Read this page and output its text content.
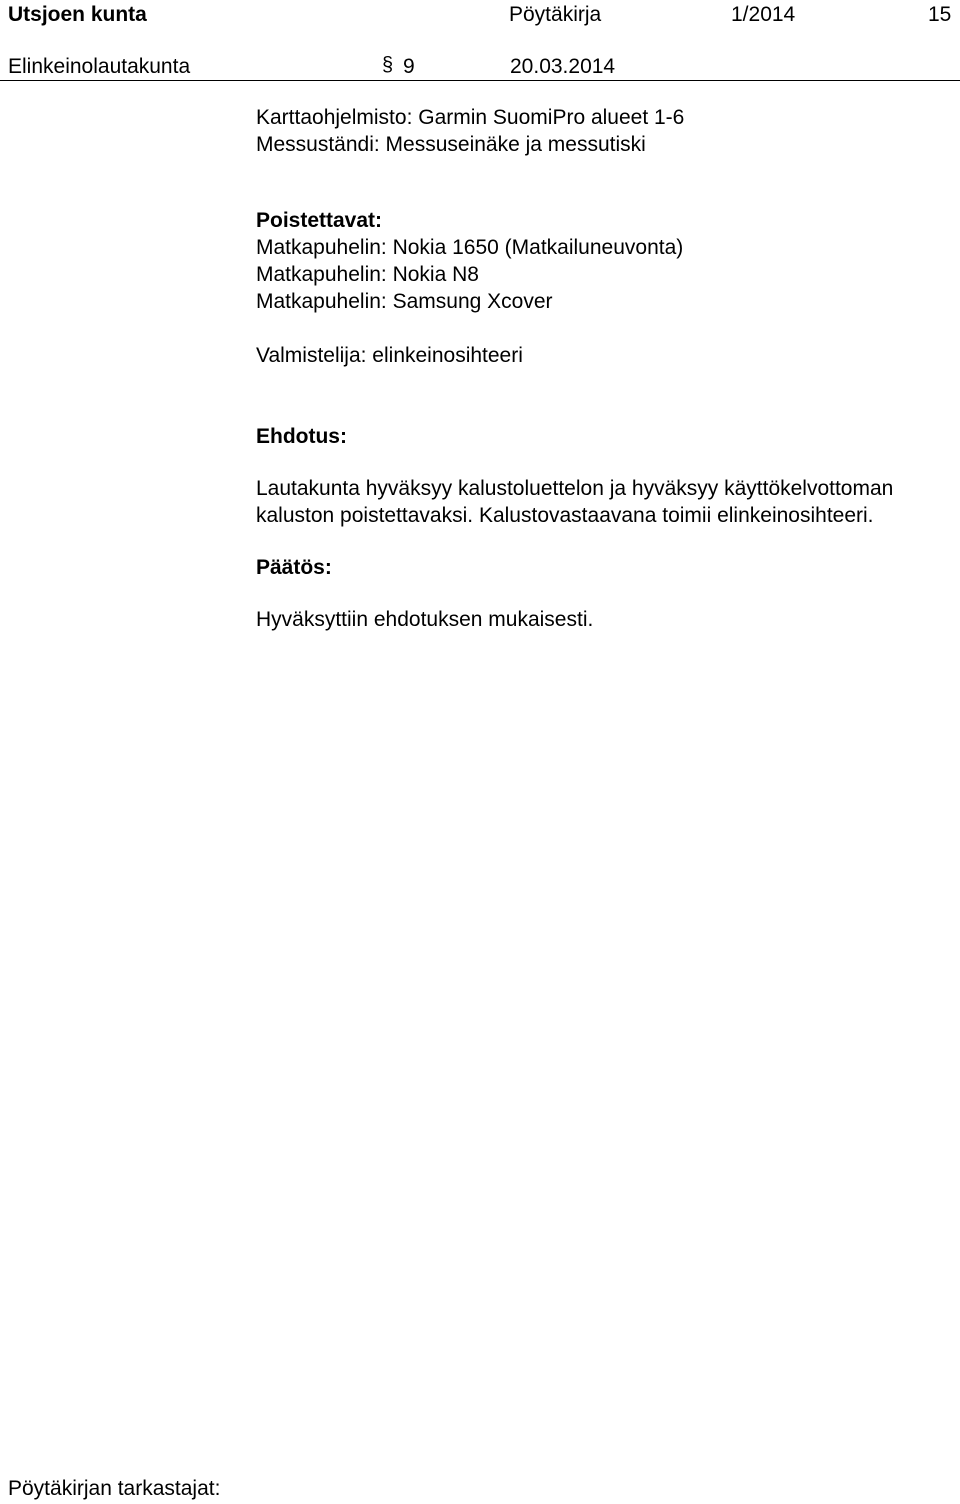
Utsjoen kunta	Pöytäkirja	1/2014	15
Elinkeinolautakunta	§ 9	20.03.2014
Karttaohjelmisto: Garmin SuomiPro alueet 1-6
Messuständi: Messuseinäke ja messutiski
Poistettavat:
Matkapuhelin: Nokia 1650 (Matkailuneuvonta)
Matkapuhelin: Nokia N8
Matkapuhelin: Samsung Xcover
Valmistelija: elinkeinosihteeri
Ehdotus:
Lautakunta hyväksyy kalustoluettelon ja hyväksyy käyttökelvottoman
kaluston poistettavaksi. Kalustovastaavana toimii elinkeinosihteeri.
Päätös:
Hyväksyttiin ehdotuksen mukaisesti.
Pöytäkirjan tarkastajat:
